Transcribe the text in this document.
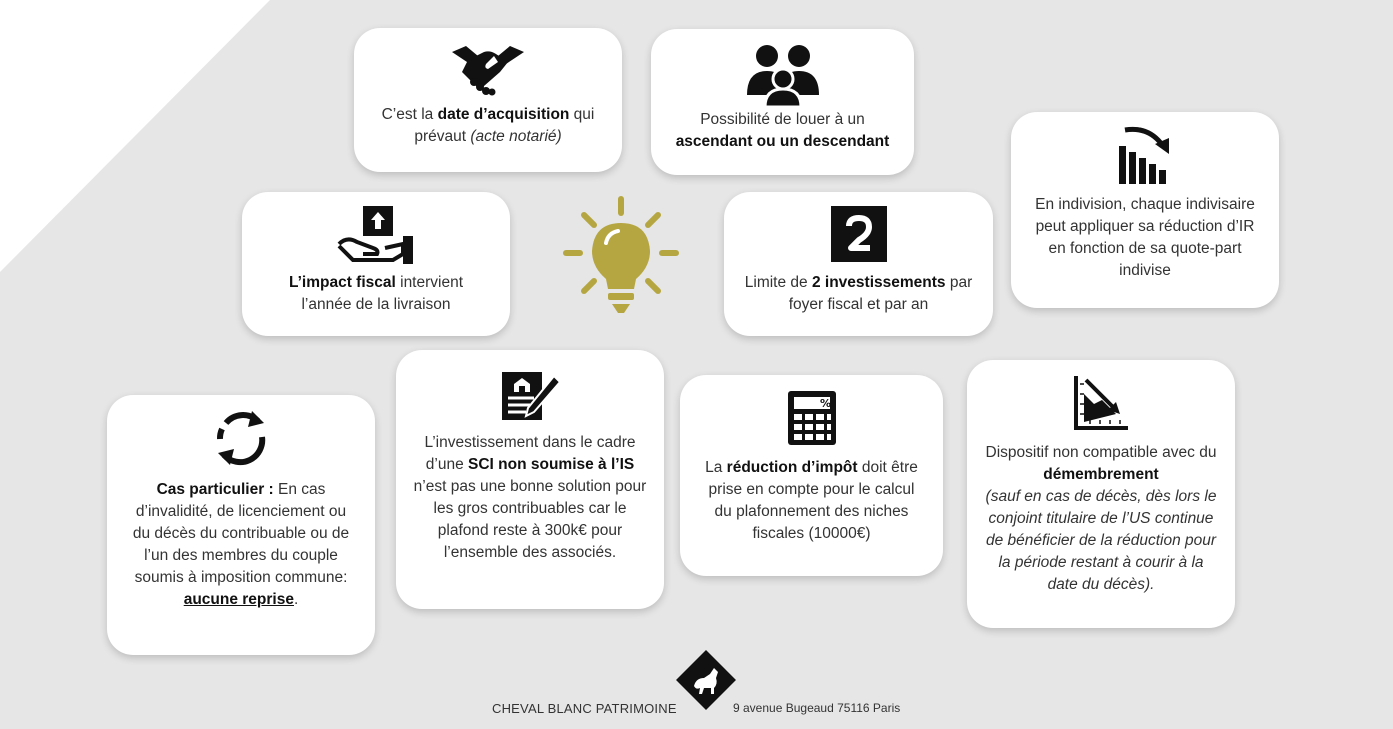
C’est la date d’acquisition qui prévaut (acte notarié)

Possibilité de louer à un
ascendant ou un descendant

En indivision, chaque indivisaire peut appliquer sa réduction d’IR en fonction de sa quote-part indivise

L’impact fiscal intervient l’année de la livraison

Limite de 2 investissements par foyer fiscal et par an

Cas particulier : En cas d’invalidité, de licenciement ou du décès du contribuable ou de l’un des membres du couple soumis à imposition commune:
aucune reprise.

L’investissement dans le cadre d’une SCI non soumise à l’IS n’est pas une bonne solution pour les gros contribuables car le plafond reste à 300k€ pour l’ensemble des associés.

%

La réduction d’impôt doit être prise en compte pour le calcul du plafonnement des niches fiscales (10000€)

Dispositif non compatible avec du démembrement
(sauf en cas de décès, dès lors le conjoint titulaire de l’US continue de bénéficier de la réduction pour la période restant à courir à la date du décès).

CHEVAL BLANC PATRIMOINE	9 avenue Bugeaud 75116 Paris
